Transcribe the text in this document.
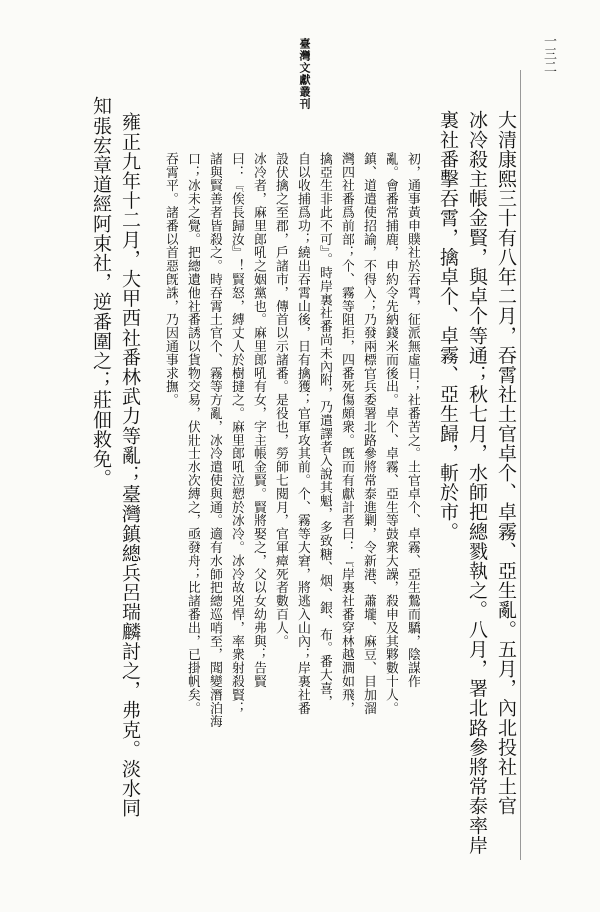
臺灣文獻叢刊	一三二
大清康熙三十有八年二月，吞霄社土官卓个、卓霧、亞生亂。五月，內北投社土官
冰冷殺主帳金賢，與卓个等通；秋七月，水師把總戮執之。八月，署北路參將常泰率岸
裏社番擊吞霄，擒卓个、卓霧、亞生歸，斬於市。
初，通事黃申贌社於吞霄，征派無虛日；社番苦之。土官卓个、卓霧、亞生鷙而驕，陰謀作
亂。會番常捕鹿，申約令先納錢米而後出。卓个、卓霧、亞生等鼓衆大譟，殺申及其夥數十人。
鎮、道遣使招諭，不得入；乃發兩標官兵委署北路參將常泰進剿，令新港、蕭壠、麻豆、目加溜
灣四社番爲前部；个、霧等阻拒，四番死傷頗衆。旣而有獻計者曰：『岸裏社番穿林越澗如飛，
擒亞生非此不可』。時岸裏社番尚未內附，乃遣譯者入說其魁，多致糖、烟、銀、布。番大喜，
自以收捕爲功；繞出吞霄山後，日有擒獲；官軍攻其前。个、霧等大窘，將逃入山內；岸裏社番
設伏擒之至郡，戶諸市，傳首以示諸番。是役也，勞師七閱月，官軍瘴死者數百人。
冰冷者，麻里郎吼之姻黨也。麻里郎吼有女，字主帳金賢。賢將娶之，父以女幼弗與；告賢
曰：『俟長歸汝』！賢怒，縛丈人於樹撻之。麻里郎吼泣愬於冰冷。冰冷故兇悍，率衆射殺賢；
諸與賢善者皆殺之。時吞霄土官个、霧等方亂，冰冷遣使與通。適有水師把總巡哨至，聞變潛泊海
口；冰未之覺。把總遺他社番誘以貨物交易，伏壯士水次縛之，亟發舟；比諸番出，已掛帆矣。
吞霄平。諸番以首惡旣誅，乃因通事求撫。
雍正九年十二月，大甲西社番林武力等亂；臺灣鎮總兵呂瑞麟討之，弗克。淡水同
知張宏章道經阿束社，逆番圍之；莊佃救免。
